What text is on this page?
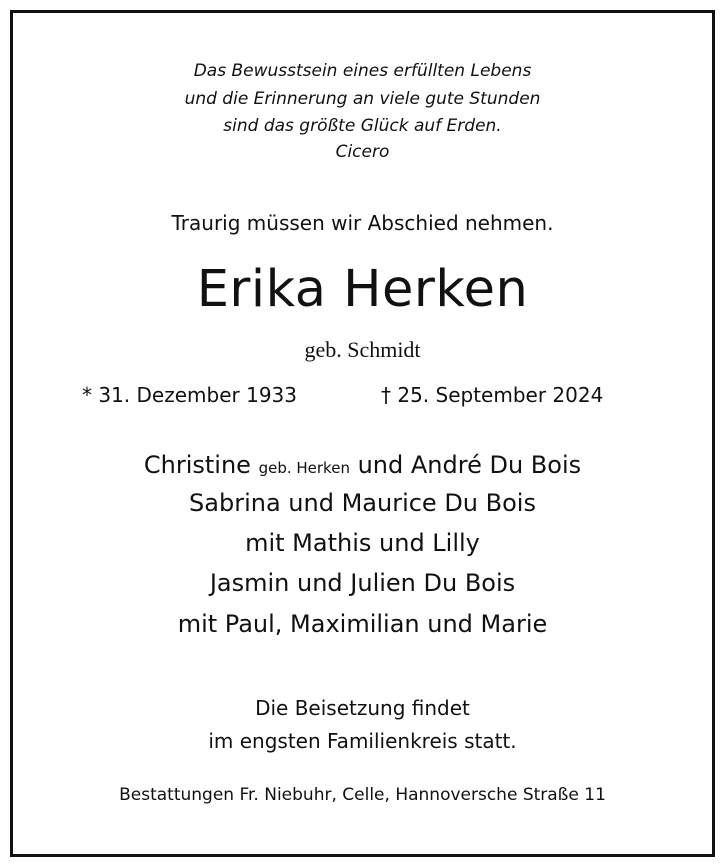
Das Bewusstsein eines erfüllten Lebens
und die Erinnerung an viele gute Stunden
sind das größte Glück auf Erden.
Cicero
Traurig müssen wir Abschied nehmen.
Erika Herken
geb. Schmidt
* 31. Dezember 1933	† 25. September 2024
Christine geb. Herken und André Du Bois
Sabrina und Maurice Du Bois
mit Mathis und Lilly
Jasmin und Julien Du Bois
mit Paul, Maximilian und Marie
Die Beisetzung findet
im engsten Familienkreis statt.
Bestattungen Fr. Niebuhr, Celle, Hannoversche Straße 11
